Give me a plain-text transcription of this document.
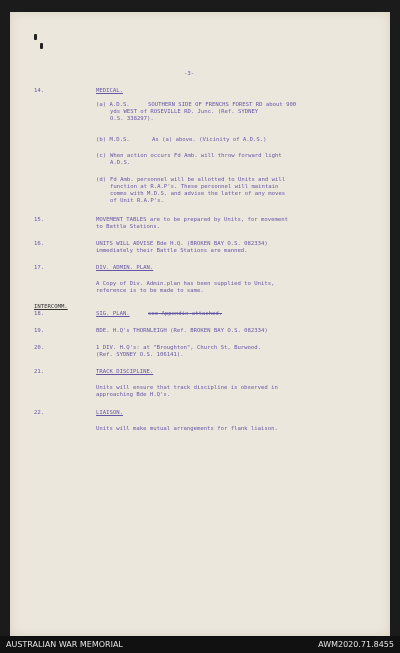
-3-
14.	MEDICAL.
(a) A.D.S.	SOUTHERN SIDE OF FRENCHS FOREST RD about 900
yds WEST of ROSEVILLE RD. Junc. (Ref. SYDNEY
O.S. 338297).
(b) M.D.S.	As (a) above. (Vicinity of A.D.S.)
(c) When action occurs Fd Amb. will throw forward light
A.D.S.
(d) Fd Amb. personnel will be allotted to Units and will
function at R.A.P's. These personnel will maintain
comms with M.D.S. and advise the latter of any moves
of Unit R.A.P's.
15.	MOVEMENT TABLES are to be prepared by Units, for movement
to Battle Stations.
16.	UNITS WILL ADVISE Bde H.Q. (BROKEN BAY O.S. 082334)
immediately their Battle Stations are manned.
17.	DIV. ADMIN. PLAN.
A Copy of Div. Admin.plan has been supplied to Units,
reference is to be made to same.
INTERCOMM.
18.	SIG. PLAN.	see Appendix attached.
19.	BDE. H.Q's THORNLEIGH (Ref. BROKEN BAY O.S. 082334)
20.	1 DIV. H.Q's: at "Broughton", Church St, Burwood.
(Ref. SYDNEY O.S. 106141).
21.	TRACK DISCIPLINE.
Units will ensure that track discipline is observed in
approaching Bde H.Q's.
22.	LIAISON.
Units will make mutual arrangements for flank liaison.
AUSTRALIAN WAR MEMORIAL	AWM2020.71.8455
